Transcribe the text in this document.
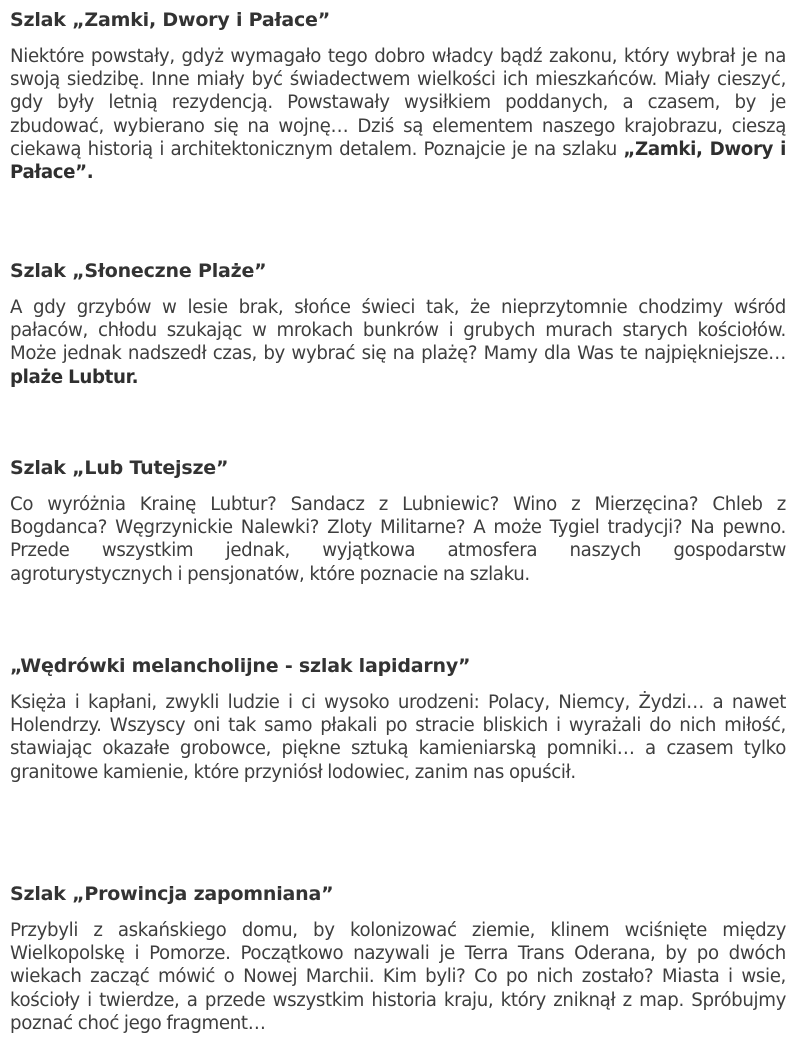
Szlak „Zamki, Dwory i Pałace”

Niektóre powstały, gdyż wymagało tego dobro władcy bądź zakonu, który wybrał je na swoją siedzibę. Inne miały być świadectwem wielkości ich mieszkańców. Miały cieszyć, gdy były letnią rezydencją. Powstawały wysiłkiem poddanych, a czasem, by je zbudować, wybierano się na wojnę… Dziś są elementem naszego krajobrazu, cieszą ciekawą historią i architektonicznym detalem. Poznajcie je na szlaku „Zamki, Dwory i Pałace”.

Szlak „Słoneczne Plaże”

A gdy grzybów w lesie brak, słońce świeci tak, że nieprzytomnie chodzimy wśród pałaców, chłodu szukając w mrokach bunkrów i grubych murach starych kościołów. Może jednak nadszedł czas, by wybrać się na plażę? Mamy dla Was te najpiękniejsze… plaże Lubtur.

Szlak „Lub Tutejsze”

Co wyróżnia Krainę Lubtur? Sandacz z Lubniewic? Wino z Mierzęcina? Chleb z Bogdanca? Węgrzynickie Nalewki? Zloty Militarne? A może Tygiel tradycji? Na pewno. Przede wszystkim jednak, wyjątkowa atmosfera naszych gospodarstw agroturystycznych i pensjonatów, które poznacie na szlaku.

„Wędrówki melancholijne - szlak lapidarny”

Księża i kapłani, zwykli ludzie i ci wysoko urodzeni: Polacy, Niemcy, Żydzi… a nawet Holendrzy. Wszyscy oni tak samo płakali po stracie bliskich i wyrażali do nich miłość, stawiając okazałe grobowce, piękne sztuką kamieniarską pomniki… a czasem tylko granitowe kamienie, które przyniósł lodowiec, zanim nas opuścił.

Szlak „Prowincja zapomniana”

Przybyli z askańskiego domu, by kolonizować ziemie, klinem wciśnięte między Wielkopolskę i Pomorze. Początkowo nazywali je Terra Trans Oderana, by po dwóch wiekach zacząć mówić o Nowej Marchii. Kim byli? Co po nich zostało? Miasta i wsie, kościoły i twierdze, a przede wszystkim historia kraju, który zniknął z map. Spróbujmy poznać choć jego fragment…
